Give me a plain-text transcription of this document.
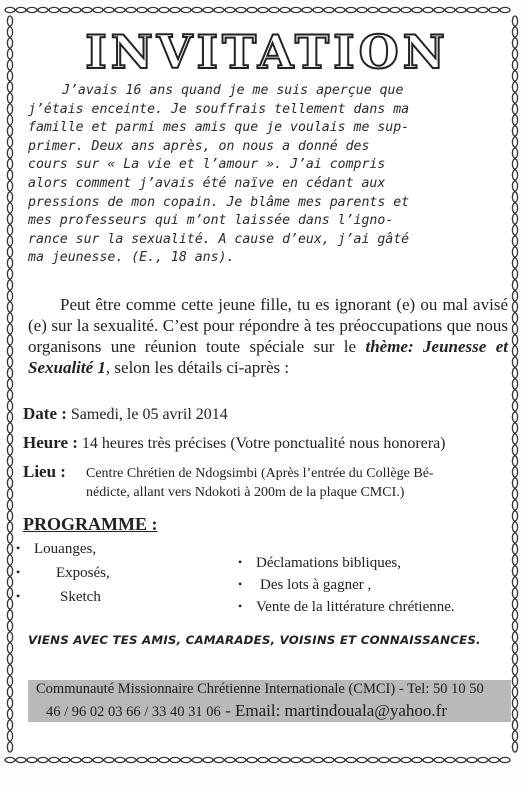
INVITATION
J’avais 16 ans quand je me suis aperçue que
j’étais enceinte. Je souffrais tellement dans ma
famille et parmi mes amis que je voulais me sup-
primer. Deux ans après, on nous a donné des
cours sur « La vie et l’amour ». J’ai compris
alors comment j’avais été naïve en cédant aux
pressions de mon copain. Je blâme mes parents et
mes professeurs qui m’ont laissée dans l’igno-
rance sur la sexualité. A cause d’eux, j’ai gâté
ma jeunesse. (E., 18 ans).
Peut être comme cette jeune fille, tu es ignorant (e) ou mal avisé (e) sur la sexualité. C’est pour répondre à tes préoccupations que nous organisons une réunion toute spéciale sur le thème: Jeunesse et Sexualité 1, selon les détails ci-après :
Date : Samedi, le 05 avril 2014
Heure : 14 heures très précises (Votre ponctualité nous honorera)
Lieu : Centre Chrétien de Ndogsimbi (Après l’entrée du Collège Bé-
nédicte, allant vers Ndokoti à 200m de la plaque CMCI.)
PROGRAMME :
• Louanges,
• Exposés,
•	Sketch
• Déclamations bibliques,
• Des lots à gagner ,
• Vente de la littérature chrétienne.
VIENS AVEC TES AMIS, CAMARADES, VOISINS ET CONNAISSANCES.
Communauté Missionnaire Chrétienne Internationale (CMCI) - Tel: 50 10 50
46 / 96 02 03 66 / 33 40 31 06 - Email: martindouala@yahoo.fr
